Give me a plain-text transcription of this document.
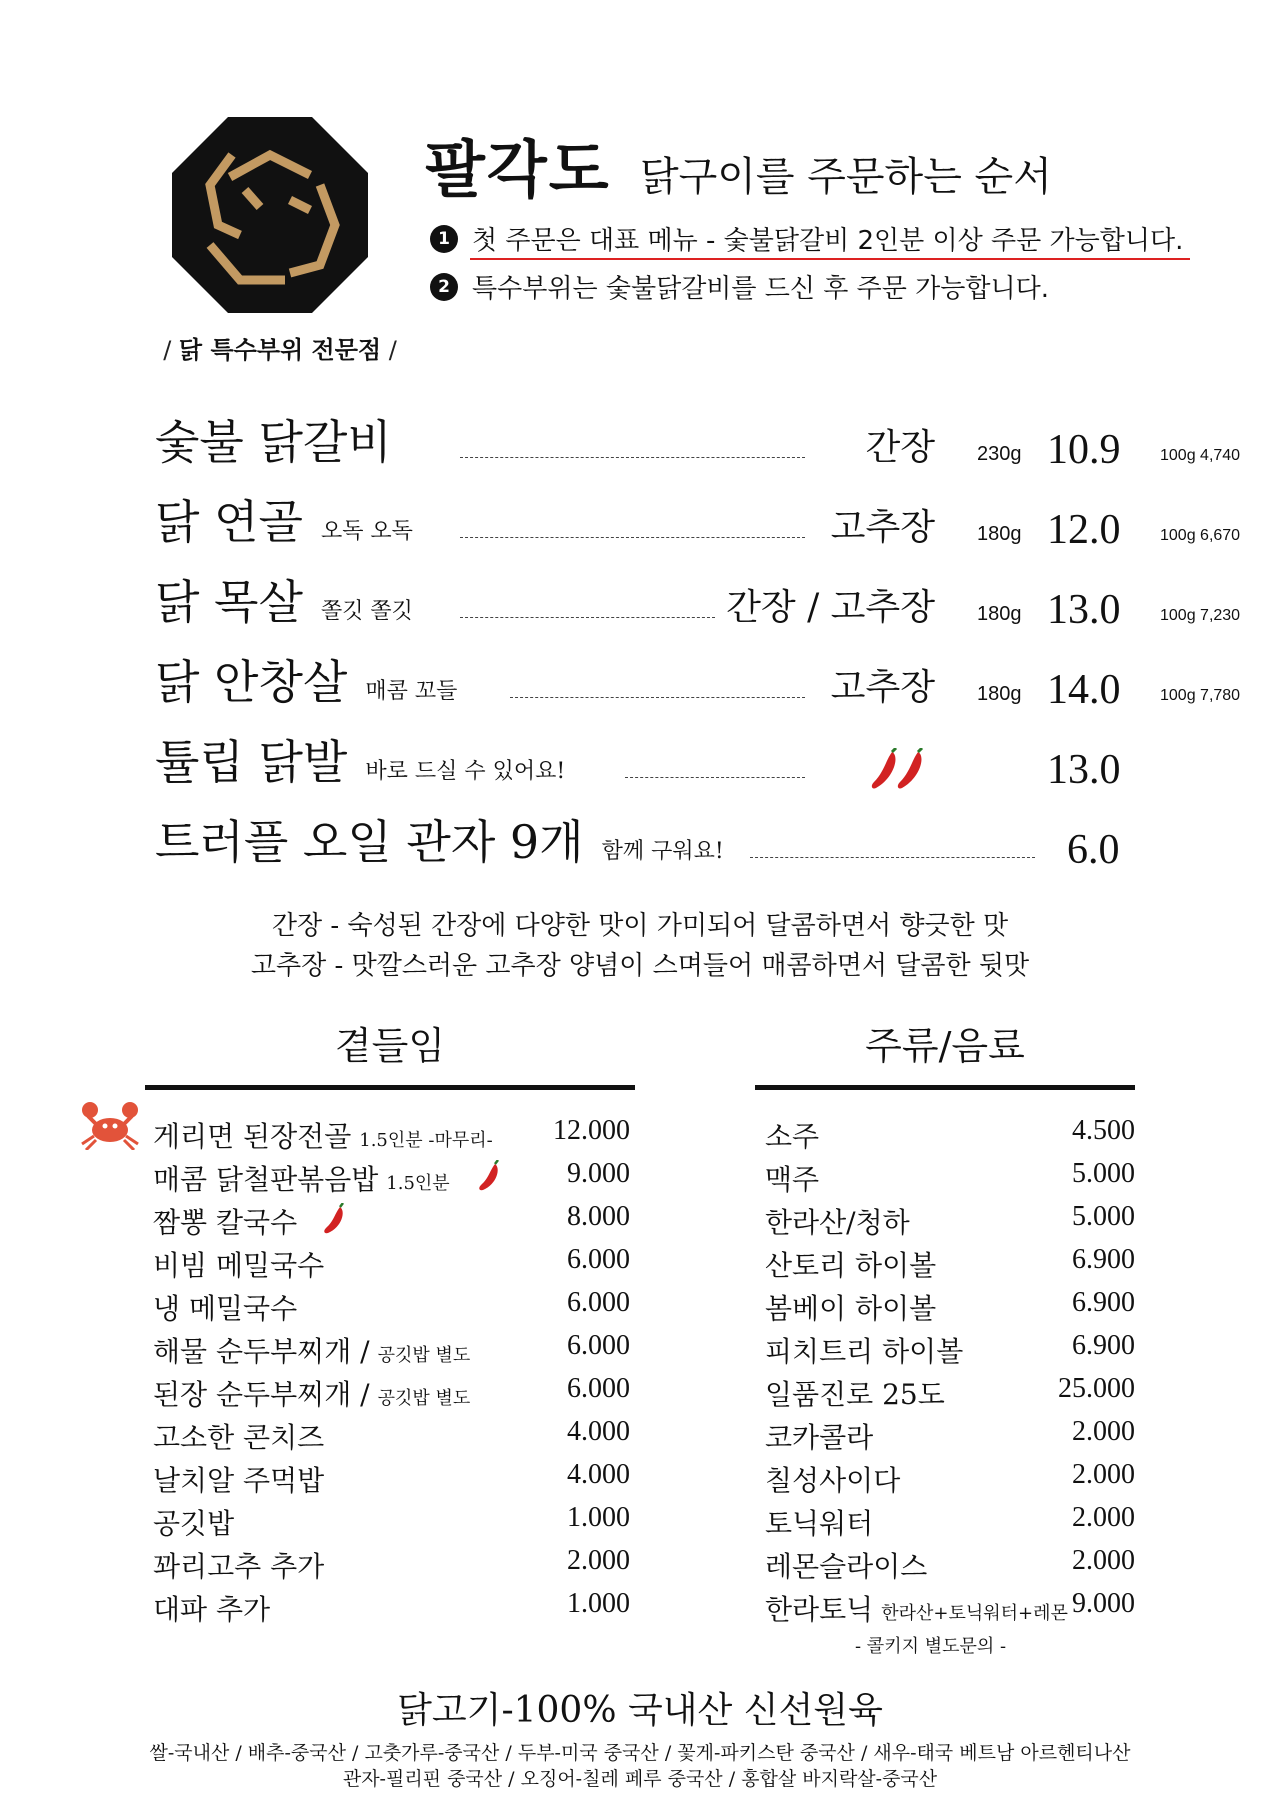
/ 닭 특수부위 전문점 /
팔각도 닭구이를 주문하는 순서
1 첫 주문은 대표 메뉴 - 숯불닭갈비 2인분 이상 주문 가능합니다.
2 특수부위는 숯불닭갈비를 드신 후 주문 가능합니다.
숯불 닭갈비	간장 230g 10.9 100g 4,740
닭 연골 오독 오독	고추장 180g 12.0 100g 6,670
닭 목살 쫄깃 쫄깃	간장 / 고추장 180g 13.0 100g 7,230
닭 안창살 매콤 꼬들	고추장 180g 14.0 100g 7,780
튤립 닭발 바로 드실 수 있어요!	13.0
트러플 오일 관자 9개 함께 구워요!	6.0
간장 - 숙성된 간장에 다양한 맛이 가미되어 달콤하면서 향긋한 맛
고추장 - 맛깔스러운 고추장 양념이 스며들어 매콤하면서 달콤한 뒷맛
곁들임
게리면 된장전골 1.5인분 -마무리-	12.000
매콤 닭철판볶음밥 1.5인분	9.000
짬뽕 칼국수	8.000
비빔 메밀국수	6.000
냉 메밀국수	6.000
해물 순두부찌개 / 공깃밥 별도	6.000
된장 순두부찌개 / 공깃밥 별도	6.000
고소한 콘치즈	4.000
날치알 주먹밥	4.000
공깃밥	1.000
꽈리고추 추가	2.000
대파 추가	1.000
주류/음료
소주	4.500
맥주	5.000
한라산/청하	5.000
산토리 하이볼	6.900
봄베이 하이볼	6.900
피치트리 하이볼	6.900
일품진로 25도	25.000
코카콜라	2.000
칠성사이다	2.000
토닉워터	2.000
레몬슬라이스	2.000
한라토닉 한라산+토닉워터+레몬 9.000
- 콜키지 별도문의 -
닭고기-100% 국내산 신선원육
쌀-국내산 / 배추-중국산 / 고춧가루-중국산 / 두부-미국 중국산 / 꽃게-파키스탄 중국산 / 새우-태국 베트남 아르헨티나산
관자-필리핀 중국산 / 오징어-칠레 페루 중국산 / 홍합살 바지락살-중국산
